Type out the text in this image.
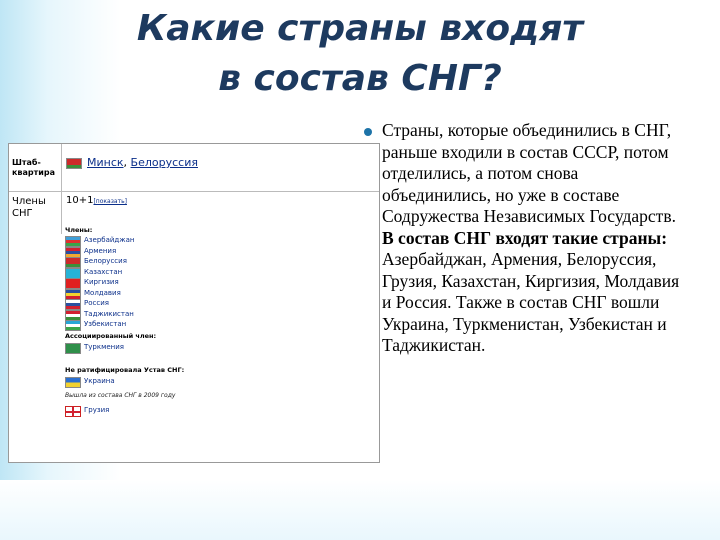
Какие страны входят
в состав СНГ?
Штаб-квартира
Минск, Белоруссия
Члены СНГ
10+1[показать]
Члены:
Азербайджан
Армения
Белоруссия
Казахстан
Киргизия
Молдавия
Россия
Таджикистан
Узбекистан
Ассоциированный член:
Туркмения
Не ратифицировала Устав СНГ:
Украина
Вышла из состава СНГ в 2009 году
Грузия
Страны, которые объединились в СНГ, раньше входили в состав СССР, потом отделились, а потом снова объединились, но уже в составе Содружества Независимых Государств. В состав СНГ входят такие страны: Азербайджан, Армения, Белоруссия, Грузия, Казахстан, Киргизия, Молдавия и Россия. Также в состав СНГ вошли Украина, Туркменистан, Узбекистан и Таджикистан.
